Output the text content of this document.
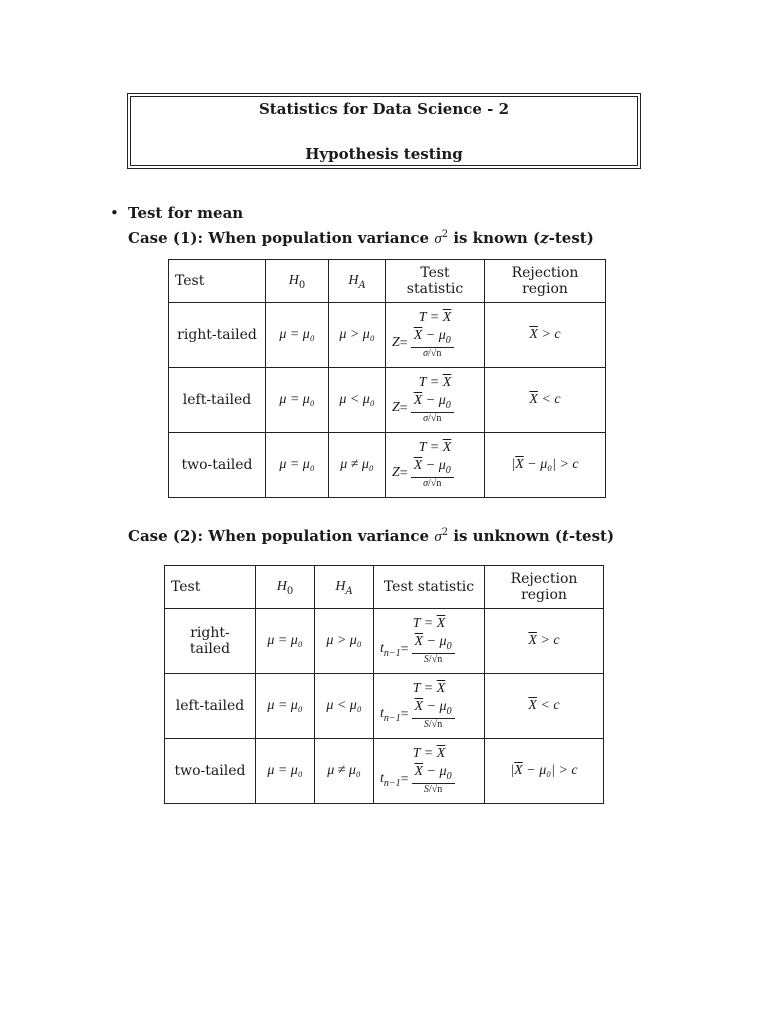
Statistics for Data Science - 2
Hypothesis testing
• Test for mean
Case (1): When population variance $\sigma^2$ is known (z-test)
Test	$H_0$	$H_A$	Test statistic	Rejection region
right-tailed	μ = μ₀	μ > μ₀	$T = \overline{X}$
$Z = \frac{\overline{X} - \mu_0}{\sigma/√n}$	$\overline{X} > c$
left-tailed	μ = μ₀	μ < μ₀	$T = \overline{X}$
$Z = \frac{\overline{X} - \mu_0}{\sigma/√n}$	$\overline{X} < c$
two-tailed	μ = μ₀	μ ≠ μ₀	$T = \overline{X}$
$Z = \frac{\overline{X} - \mu_0}{\sigma/√n}$	$|\overline{X} - \mu_0| > c$
Case (2): When population variance $\sigma^2$ is unknown (t-test)
Test	$H_0$	$H_A$	Test statistic	Rejection region
right-tailed	μ = μ₀	μ > μ₀	$T = \overline{X}$
$t_{n-1} = \frac{\overline{X} - \mu_0}{S/√n}$	$\overline{X} > c$
left-tailed	μ = μ₀	μ < μ₀	$T = \overline{X}$
$t_{n-1} = \frac{\overline{X} - \mu_0}{S/√n}$	$\overline{X} < c$
two-tailed	μ = μ₀	μ ≠ μ₀	$T = \overline{X}$
$t_{n-1} = \frac{\overline{X} - \mu_0}{S/√n}$	$|\overline{X} - \mu_0| > c$
